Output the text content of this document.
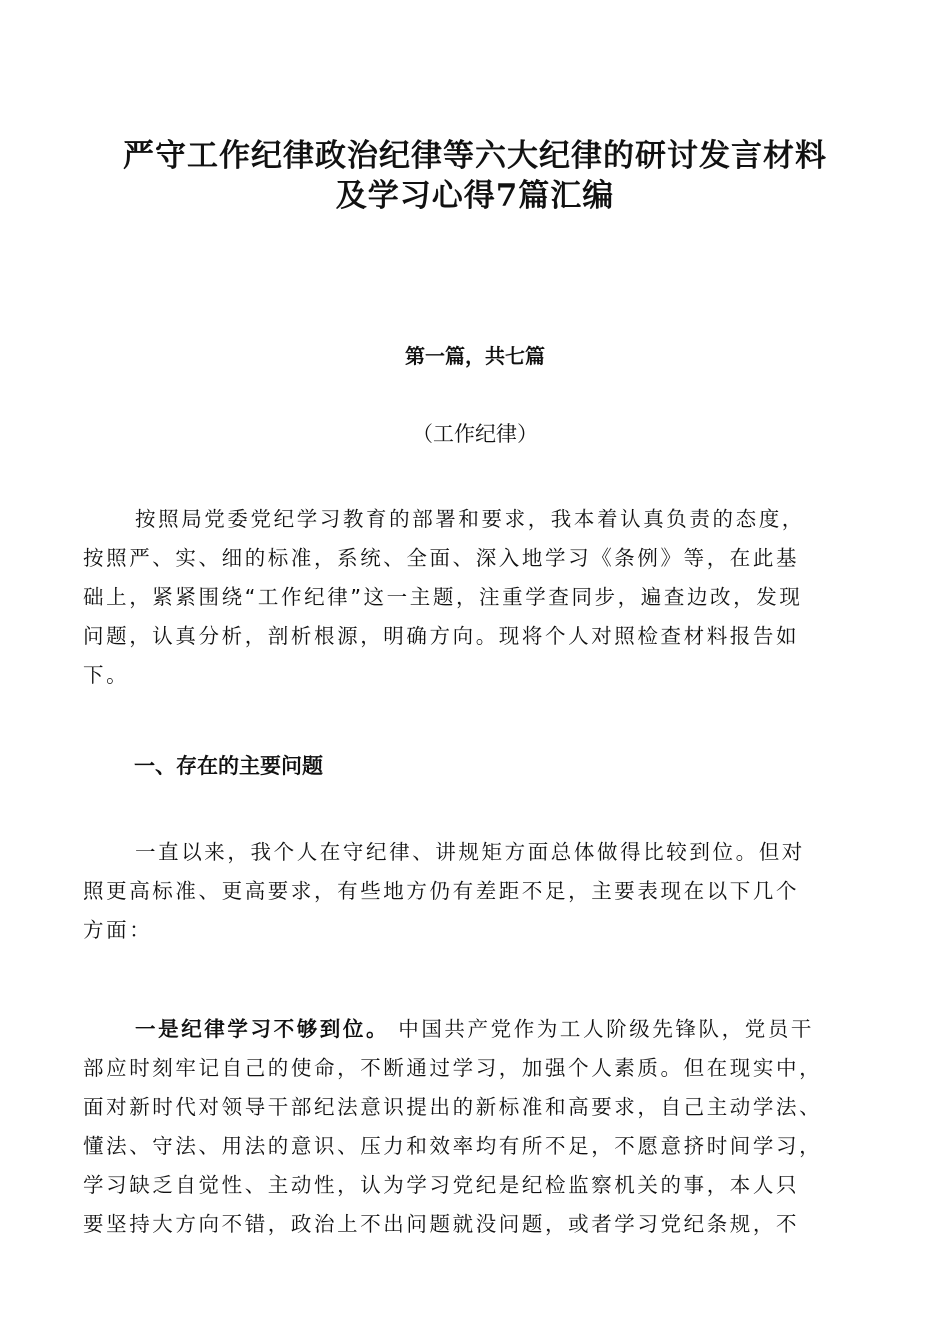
严守工作纪律政治纪律等六大纪律的研讨发言材料
及学习心得7篇汇编
第一篇，共七篇
（工作纪律）
按照局党委党纪学习教育的部署和要求，我本着认真负责的态度，
按照严、实、细的标准，系统、全面、深入地学习《条例》等，在此基
础上，紧紧围绕“工作纪律”这一主题，注重学查同步，遍查边改，发现
问题，认真分析，剖析根源，明确方向。现将个人对照检查材料报告如
下。
一、存在的主要问题
一直以来，我个人在守纪律、讲规矩方面总体做得比较到位。但对
照更高标准、更高要求，有些地方仍有差距不足，主要表现在以下几个
方面：
一是纪律学习不够到位。 中国共产党作为工人阶级先锋队，党员干
部应时刻牢记自己的使命，不断通过学习，加强个人素质。但在现实中，
面对新时代对领导干部纪法意识提出的新标准和高要求，自己主动学法、
懂法、守法、用法的意识、压力和效率均有所不足，不愿意挤时间学习，
学习缺乏自觉性、主动性，认为学习党纪是纪检监察机关的事，本人只
要坚持大方向不错，政治上不出问题就没问题，或者学习党纪条规，不
